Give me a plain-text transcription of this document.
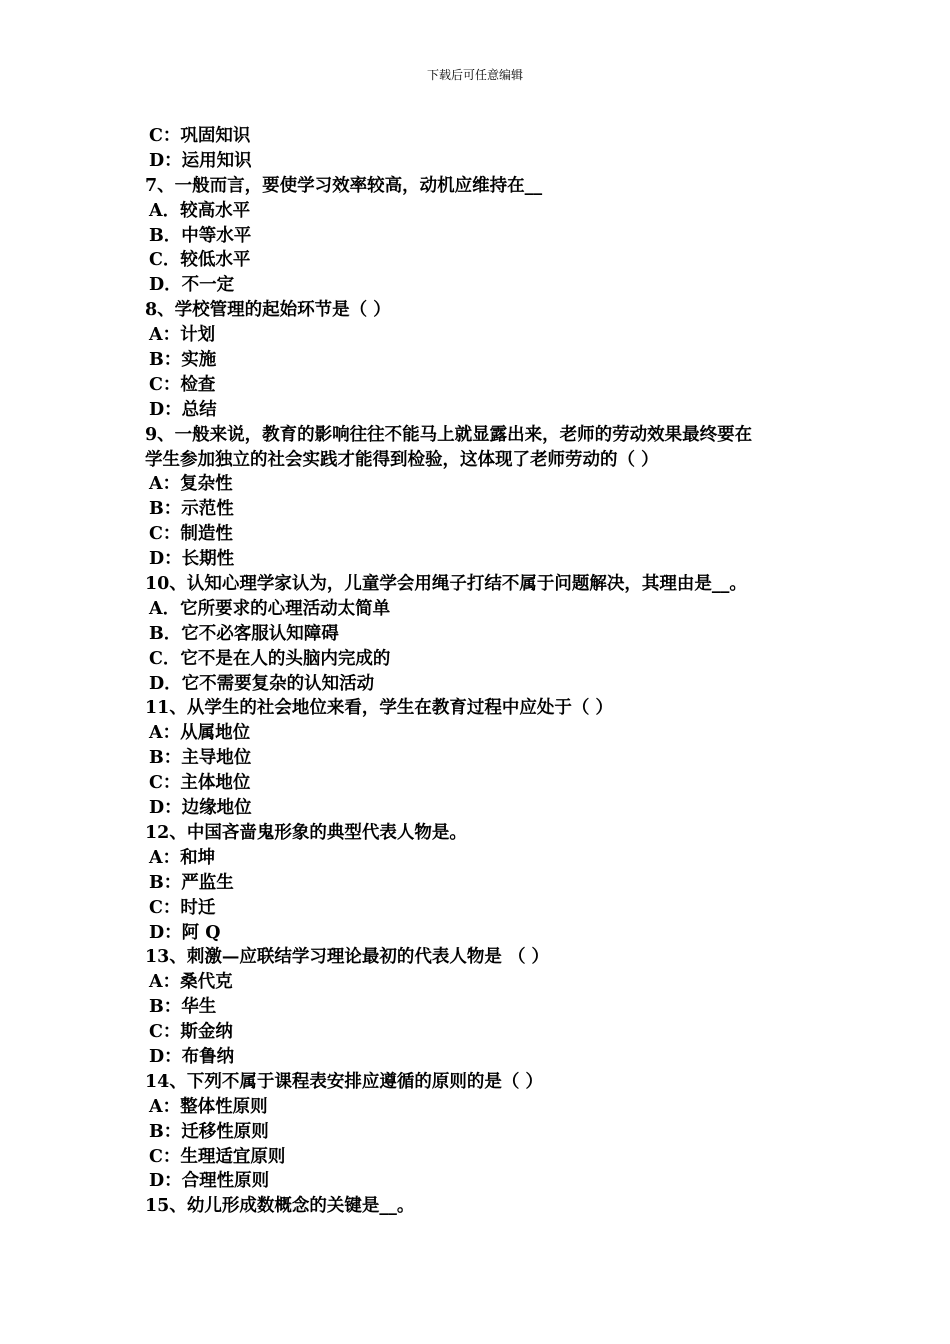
下载后可任意编辑
C：巩固知识
D：运用知识
7、一般而言，要使学习效率较高，动机应维持在__
A．较高水平
B．中等水平
C．较低水平
D．不一定
8、学校管理的起始环节是（ ）
A：计划
B：实施
C：检查
D：总结
9、一般来说，教育的影响往往不能马上就显露出来，老师的劳动效果最终要在
学生参加独立的社会实践才能得到检验，这体现了老师劳动的（ ）
A：复杂性
B：示范性
C：制造性
D：长期性
10、认知心理学家认为，儿童学会用绳子打结不属于问题解决，其理由是__。
A．它所要求的心理活动太简单
B．它不必客服认知障碍
C．它不是在人的头脑内完成的
D．它不需要复杂的认知活动
11、从学生的社会地位来看，学生在教育过程中应处于（ ）
A：从属地位
B：主导地位
C：主体地位
D：边缘地位
12、中国吝啬鬼形象的典型代表人物是。
A：和坤
B：严监生
C：时迁
D：阿 Q
13、刺激—应联结学习理论最初的代表人物是 （ ）
A：桑代克
B：华生
C：斯金纳
D：布鲁纳
14、下列不属于课程表安排应遵循的原则的是（ ）
A：整体性原则
B：迁移性原则
C：生理适宜原则
D：合理性原则
15、幼儿形成数概念的关键是__。
